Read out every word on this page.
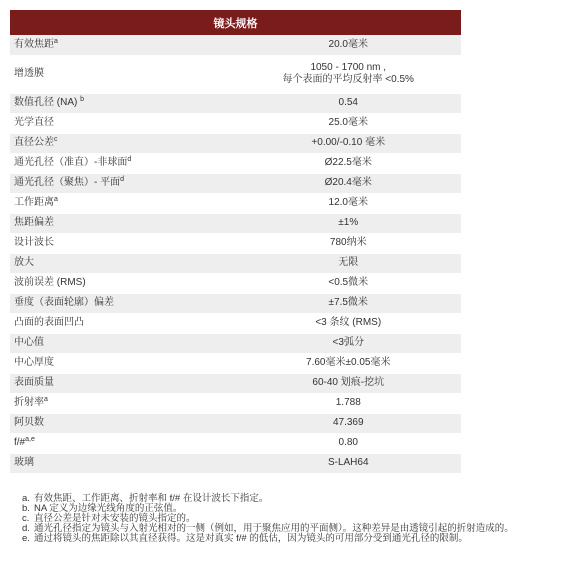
镜头规格	
有效焦距$^a$	20.0毫米

增透膜	1050 - 1700 nm ,
每个表面的平均反射率 <0.5%

数值孔径 (NA) $^b$	0.54

光学直径	25.0毫米

直径公差$^c$	+0.00/-0.10 毫米

通光孔径（准直）-非球面$^d$	Ø22.5毫米

通光孔径（聚焦）- 平面$^d$	Ø20.4毫米

工作距离$^a$	12.0毫米

焦距偏差	±1%

设计波长	780纳米

放大	无限

波前误差 (RMS)	<0.5微米

垂度（表面轮廓）偏差	±7.5微米

凸面的表面凹凸	<3 条纹 (RMS)

中心值	<3弧分

中心厚度	7.60毫米±0.05毫米

表面质量	60-40 划痕-挖坑

折射率$^a$	1.788

阿贝数	47.369

f/#$^{a,e}$	0.80

玻璃	S-LAH64
a. 有效焦距、工作距离、折射率和 f/# 在设计波长下指定。
b. NA 定义为边缘光线角度的正弦值。
c. 直径公差是针对未安装的镜头指定的。
d. 通光孔径指定为镜头与入射光相对的一侧（例如，用于聚焦应用的平面侧）。这种差异是由透镜引起的折射造成的。
e. 通过将镜头的焦距除以其直径获得。这是对真实 f/# 的低估，因为镜头的可用部分受到通光孔径的限制。
